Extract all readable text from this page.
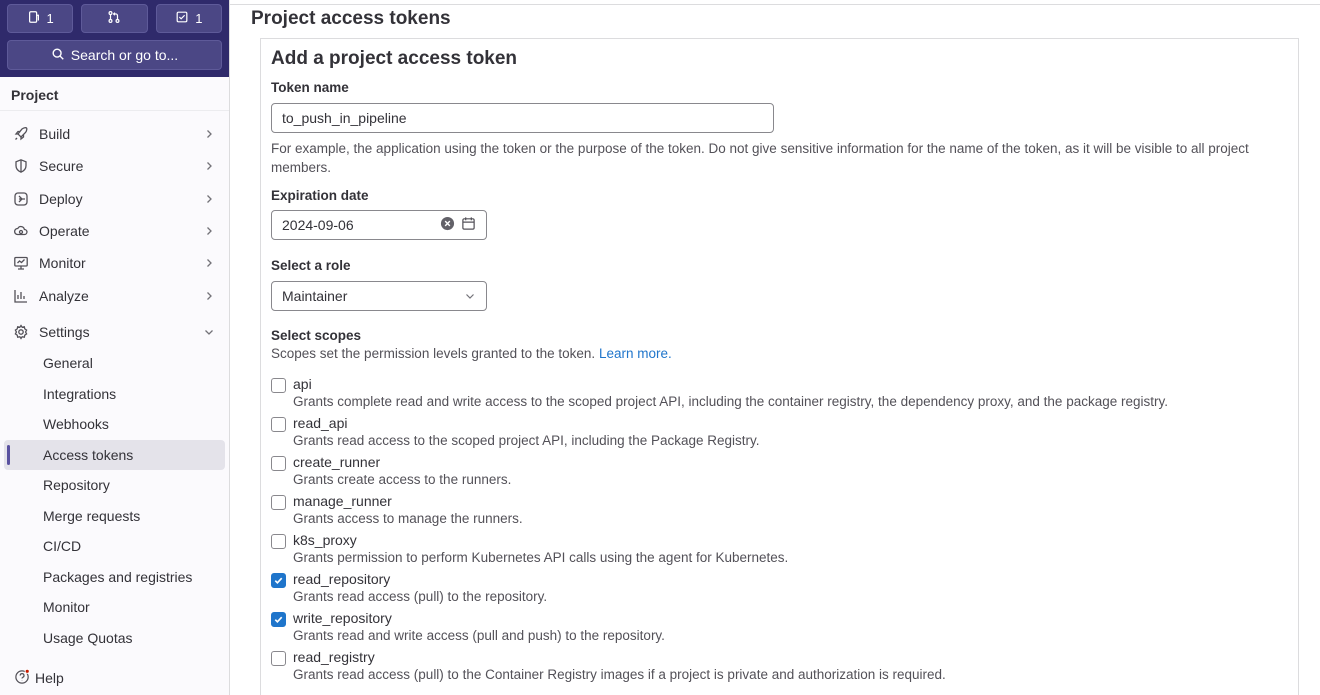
1	1
Search or go to...
Project
Build
Secure
Deploy
Operate
Monitor
Analyze
Settings
General
Integrations
Webhooks
Access tokens
Repository
Merge requests
CI/CD
Packages and registries
Monitor
Usage Quotas
Help
Project access tokens
Add a project access token
Token name
to_push_in_pipeline
For example, the application using the token or the purpose of the token. Do not give sensitive information for the name of the token, as it will be visible to all project members.
Expiration date
2024-09-06
Select a role
Maintainer
Select scopes
Scopes set the permission levels granted to the token. Learn more.
api
Grants complete read and write access to the scoped project API, including the container registry, the dependency proxy, and the package registry.
read_api
Grants read access to the scoped project API, including the Package Registry.
create_runner
Grants create access to the runners.
manage_runner
Grants access to manage the runners.
k8s_proxy
Grants permission to perform Kubernetes API calls using the agent for Kubernetes.
read_repository
Grants read access (pull) to the repository.
write_repository
Grants read and write access (pull and push) to the repository.
read_registry
Grants read access (pull) to the Container Registry images if a project is private and authorization is required.
